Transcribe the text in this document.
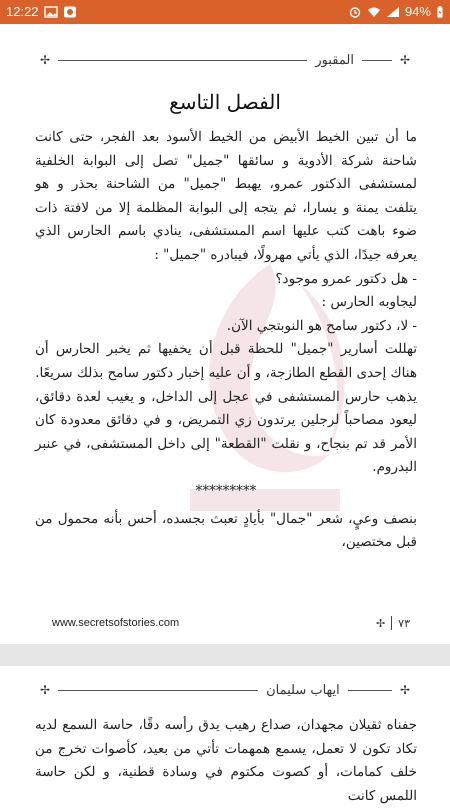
12:22	94%
✢	المقبور	✢
الفصل التاسع

ما أن تبين الخيط الأبيض من الخيط الأسود بعد الفجر، حتى كانت شاحنة شركة الأدوية و سائقها "جميل" تصل إلى البوابة الخلفية لمستشفى الدكتور عمرو، يهبط "جميل" من الشاحنة بحذر و هو يتلفت يمنة و يسارا، ثم يتجه إلى البوابة المظلمة إلا من لافتة ذات ضوء باهت كتب عليها اسم المستشفى، ينادي باسم الحارس الذي يعرفه جيدًا، الذي يأتي مهرولًا، فيبادره "جميل" :

- هل دكتور عمرو موجود؟

ليجاوبه الحارس :

- لا، دكتور سامح هو النوبتجي الآن.

تهللت أسارير "جميل" للحظة قبل أن يخفيها ثم يخبر الحارس أن هناك إحدى القطع الطازجة، و أن عليه إخبار دكتور سامح بذلك سريعًا.

يذهب حارس المستشفى في عجل إلى الداخل، و يغيب لعدة دقائق، ليعود مصاحباً لرجلين يرتدون زي التمريض، و في دقائق معدودة كان الأمر قد تم بنجاح، و نقلت "القطعة" إلى داخل المستشفى، في عنبر البدروم.

*********

بنصف وعيٍ، شعر "جمال" بأيادٍ تعبث بجسده، أحس بأنه محمول من قبل مختصين،

www.secretsofstories.com	✢ ٧٣
✢	ايهاب سليمان	✢

جفناه ثقيلان مجهدان، صداع رهيب يدق رأسه دقًا، حاسة السمع لديه تكاد تكون لا تعمل، يسمع همهمات تأتي من بعيد، كأصوات تخرج من خلف كمامات، أو كصوت مكتوم في وسادة قطنية، و لكن حاسة اللمس كانت
